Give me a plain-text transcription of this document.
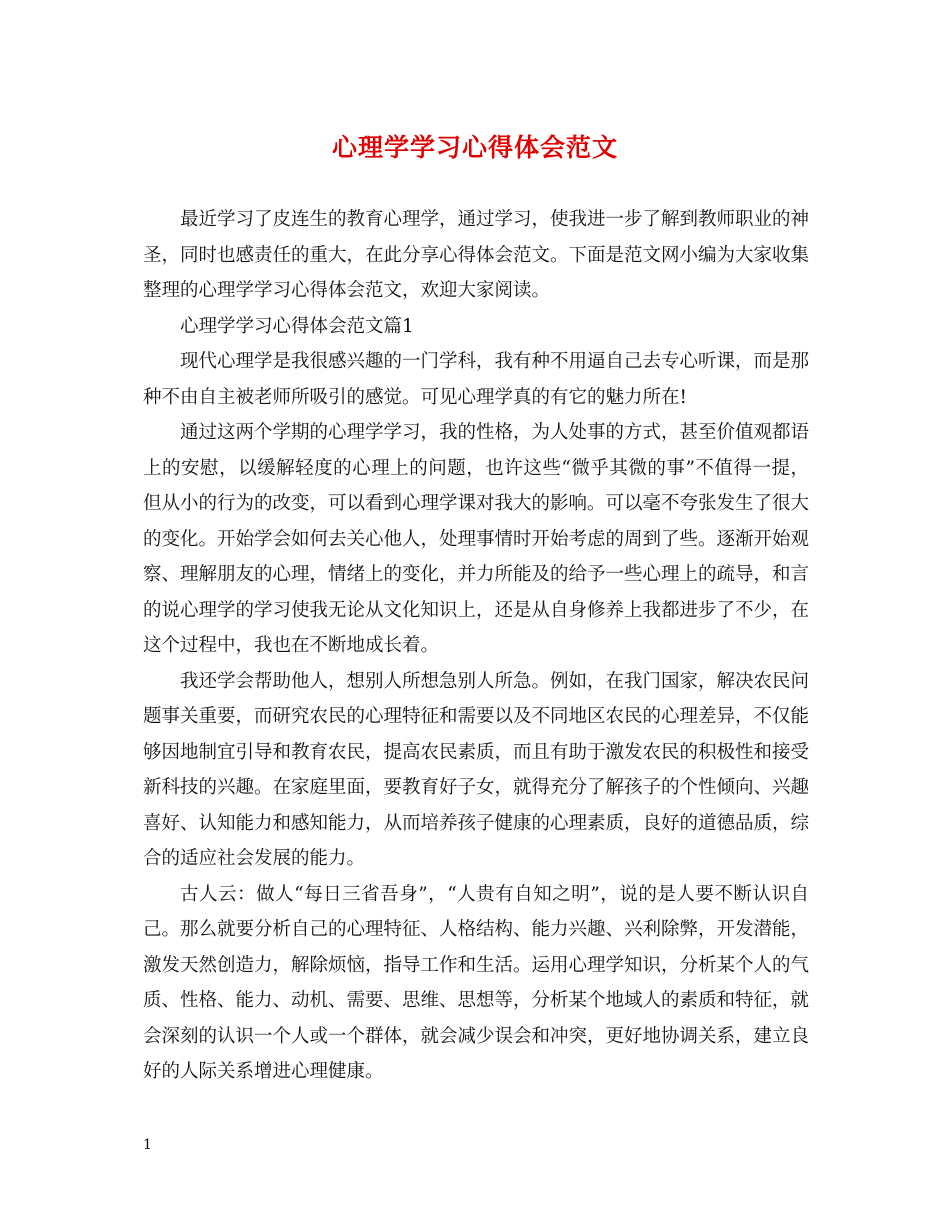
心理学学习心得体会范文

最近学习了皮连生的教育心理学，通过学习，使我进一步了解到教师职业的神圣，同时也感责任的重大，在此分享心得体会范文。下面是范文网小编为大家收集整理的心理学学习心得体会范文，欢迎大家阅读。

心理学学习心得体会范文篇1

现代心理学是我很感兴趣的一门学科，我有种不用逼自己去专心听课，而是那种不由自主被老师所吸引的感觉。可见心理学真的有它的魅力所在!

通过这两个学期的心理学学习，我的性格，为人处事的方式，甚至价值观都语上的安慰，以缓解轻度的心理上的问题，也许这些“微乎其微的事”不值得一提，但从小的行为的改变，可以看到心理学课对我大的影响。可以毫不夸张发生了很大的变化。开始学会如何去关心他人，处理事情时开始考虑的周到了些。逐渐开始观察、理解朋友的心理，情绪上的变化，并力所能及的给予一些心理上的疏导，和言的说心理学的学习使我无论从文化知识上，还是从自身修养上我都进步了不少，在这个过程中，我也在不断地成长着。

我还学会帮助他人，想别人所想急别人所急。例如，在我门国家，解决农民问题事关重要，而研究农民的心理特征和需要以及不同地区农民的心理差异，不仅能够因地制宜引导和教育农民，提高农民素质，而且有助于激发农民的积极性和接受新科技的兴趣。在家庭里面，要教育好子女，就得充分了解孩子的个性倾向、兴趣喜好、认知能力和感知能力，从而培养孩子健康的心理素质，良好的道德品质，综合的适应社会发展的能力。

古人云：做人“每日三省吾身”，“人贵有自知之明”，说的是人要不断认识自己。那么就要分析自己的心理特征、人格结构、能力兴趣、兴利除弊，开发潜能，激发天然创造力，解除烦恼，指导工作和生活。运用心理学知识，分析某个人的气质、性格、能力、动机、需要、思维、思想等，分析某个地域人的素质和特征，就会深刻的认识一个人或一个群体，就会减少误会和冲突，更好地协调关系，建立良好的人际关系增进心理健康。

1
